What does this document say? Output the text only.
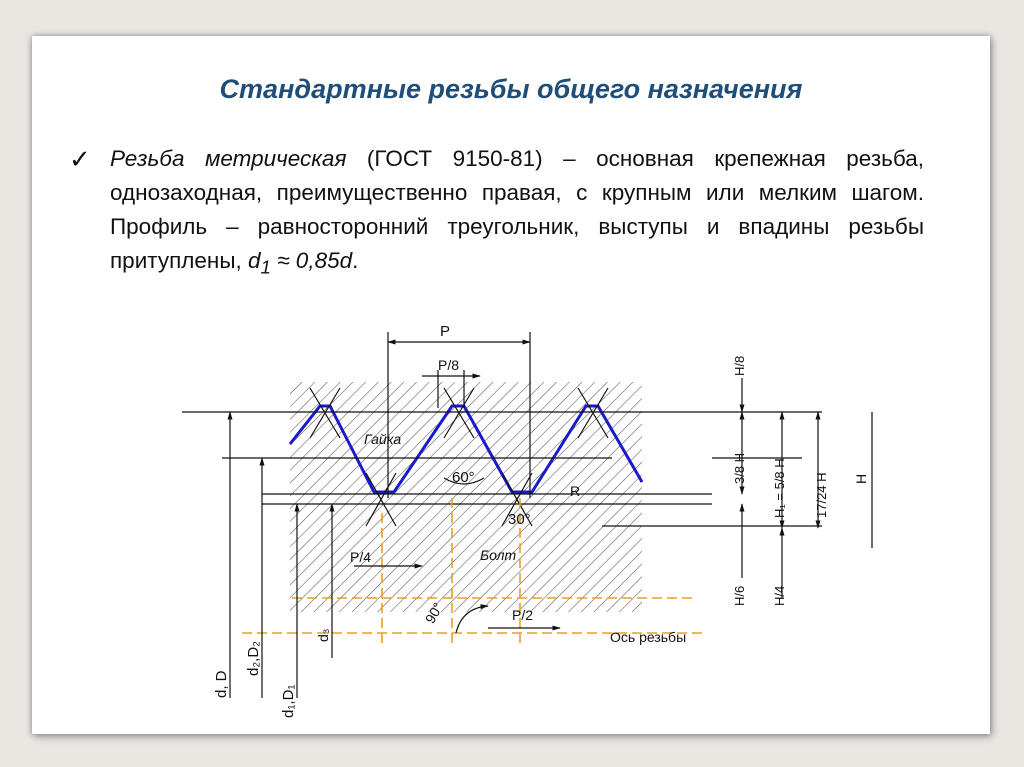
Стандартные резьбы общего назначения
✓ Резьба метрическая (ГОСТ 9150-81) – основная крепежная резьба, однозаходная, преимущественно правая, с крупным или мелким шагом. Профиль – равносторонний треугольник, выступы и впадины резьбы притуплены, $d_1 \approx 0,85d$.
P
P/8
Гайка
Болт
60°
30°
R
P/4
P/2
90°
Ось резьбы
H/8
3/8 H H₁ = 5/8 H 17/24 H H
H/6 H/4
d, D
d₂,D₂
d₁,D₁
d₃
